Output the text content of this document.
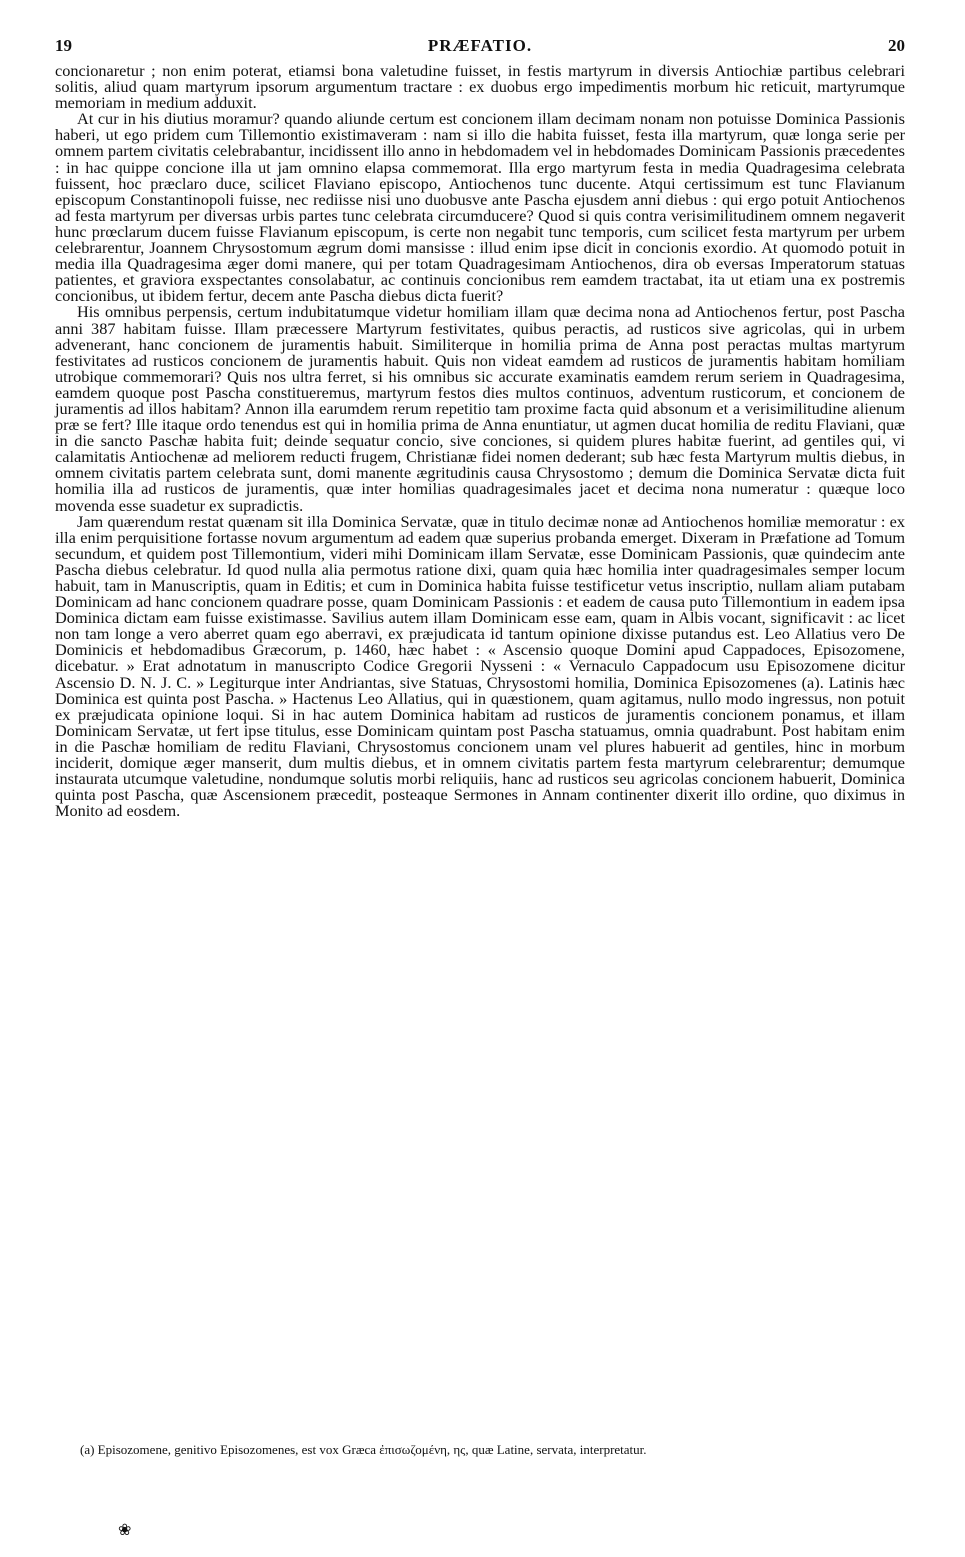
19	PRÆFATIO.	20

concionaretur ; non enim poterat, etiamsi bona valetudine fuisset, in festis martyrum in diversis Antiochiæ partibus celebrari solitis, aliud quam martyrum ipsorum argumentum tractare : ex duobus ergo impedimentis morbum hic reticuit, martyrumque memoriam in medium adduxit.

At cur in his diutius moramur? quando aliunde certum est concionem illam decimam nonam non potuisse Dominica Passionis haberi, ut ego pridem cum Tillemontio existimaveram : nam si illo die habita fuisset, festa illa martyrum, quæ longa serie per omnem partem civitatis celebrabantur, incidissent illo anno in hebdomadem vel in hebdomades Dominicam Passionis præcedentes : in hac quippe concione illa ut jam omnino elapsa commemorat. Illa ergo martyrum festa in media Quadragesima celebrata fuissent, hoc præclaro duce, scilicet Flaviano episcopo, Antiochenos tunc ducente. Atqui certissimum est tunc Flavianum episcopum Constantinopoli fuisse, nec rediisse nisi uno duobusve ante Pascha ejusdem anni diebus : qui ergo potuit Antiochenos ad festa martyrum per diversas urbis partes tunc celebrata circumducere? Quod si quis contra verisimilitudinem omnem negaverit hunc prœclarum ducem fuisse Flavianum episcopum, is certe non negabit tunc temporis, cum scilicet festa martyrum per urbem celebrarentur, Joannem Chrysostomum ægrum domi mansisse : illud enim ipse dicit in concionis exordio. At quomodo potuit in media illa Quadragesima æger domi manere, qui per totam Quadragesimam Antiochenos, dira ob eversas Imperatorum statuas patientes, et graviora exspectantes consolabatur, ac continuis concionibus rem eamdem tractabat, ita ut etiam una ex postremis concionibus, ut ibidem fertur, decem ante Pascha diebus dicta fuerit?

His omnibus perpensis, certum indubitatumque videtur homiliam illam quæ decima nona ad Antiochenos fertur, post Pascha anni 387 habitam fuisse. Illam præcessere Martyrum festivitates, quibus peractis, ad rusticos sive agricolas, qui in urbem advenerant, hanc concionem de juramentis habuit. Similiterque in homilia prima de Anna post peractas multas martyrum festivitates ad rusticos concionem de juramentis habuit. Quis non videat eamdem ad rusticos de juramentis habitam homiliam utrobique commemorari? Quis nos ultra ferret, si his omnibus sic accurate examinatis eamdem rerum seriem in Quadragesima, eamdem quoque post Pascha constitueremus, martyrum festos dies multos continuos, adventum rusticorum, et concionem de juramentis ad illos habitam? Annon illa earumdem rerum repetitio tam proxime facta quid absonum et a verisimilitudine alienum præ se fert? Ille itaque ordo tenendus est qui in homilia prima de Anna enuntiatur, ut agmen ducat homilia de reditu Flaviani, quæ in die sancto Paschæ habita fuit; deinde sequatur concio, sive conciones, si quidem plures habitæ fuerint, ad gentiles qui, vi calamitatis Antiochenæ ad meliorem reducti frugem, Christianæ fidei nomen dederant; sub hæc festa Martyrum multis diebus, in omnem civitatis partem celebrata sunt, domi manente ægritudinis causa Chrysostomo ; demum die Dominica Servatæ dicta fuit homilia illa ad rusticos de juramentis, quæ inter homilias quadragesimales jacet et decima nona numeratur : quæque loco movenda esse suadetur ex supradictis.

Jam quærendum restat quænam sit illa Dominica Servatæ, quæ in titulo decimæ nonæ ad Antiochenos homiliæ memoratur : ex illa enim perquisitione fortasse novum argumentum ad eadem quæ superius probanda emerget. Dixeram in Præfatione ad Tomum secundum, et quidem post Tillemontium, videri mihi Dominicam illam Servatæ, esse Dominicam Passionis, quæ quindecim ante Pascha diebus celebratur. Id quod nulla alia permotus ratione dixi, quam quia hæc homilia inter quadragesimales semper locum habuit, tam in Manuscriptis, quam in Editis; et cum in Dominica habita fuisse testificetur vetus inscriptio, nullam aliam putabam Dominicam ad hanc concionem quadrare posse, quam Dominicam Passionis : et eadem de causa puto Tillemontium in eadem ipsa Dominica dictam eam fuisse existimasse. Savilius autem illam Dominicam esse eam, quam in Albis vocant, significavit : ac licet non tam longe a vero aberret quam ego aberravi, ex præjudicata id tantum opinione dixisse putandus est. Leo Allatius vero De Dominicis et hebdomadibus Græcorum, p. 1460, hæc habet : « Ascensio quoque Domini apud Cappadoces, Episozomene, dicebatur. » Erat adnotatum in manuscripto Codice Gregorii Nysseni : « Vernaculo Cappadocum usu Episozomene dicitur Ascensio D. N. J. C. » Legiturque inter Andriantas, sive Statuas, Chrysostomi homilia, Dominica Episozomenes (a). Latinis hæc Dominica est quinta post Pascha. » Hactenus Leo Allatius, qui in quæstionem, quam agitamus, nullo modo ingressus, non potuit ex præjudicata opinione loqui. Si in hac autem Dominica habitam ad rusticos de juramentis concionem ponamus, et illam Dominicam Servatæ, ut fert ipse titulus, esse Dominicam quintam post Pascha statuamus, omnia quadrabunt. Post habitam enim in die Paschæ homiliam de reditu Flaviani, Chrysostomus concionem unam vel plures habuerit ad gentiles, hinc in morbum inciderit, domique æger manserit, dum multis diebus, et in omnem civitatis partem festa martyrum celebrarentur; demumque instaurata utcumque valetudine, nondumque solutis morbi reliquiis, hanc ad rusticos seu agricolas concionem habuerit, Dominica quinta post Pascha, quæ Ascensionem præcedit, posteaque Sermones in Annam continenter dixerit illo ordine, quo diximus in Monito ad eosdem.

(a) Episozomene, genitivo Episozomenes, est vox Græca ἐπισωζομένη, ης, quæ Latine, servata, interpretatur.
❀
